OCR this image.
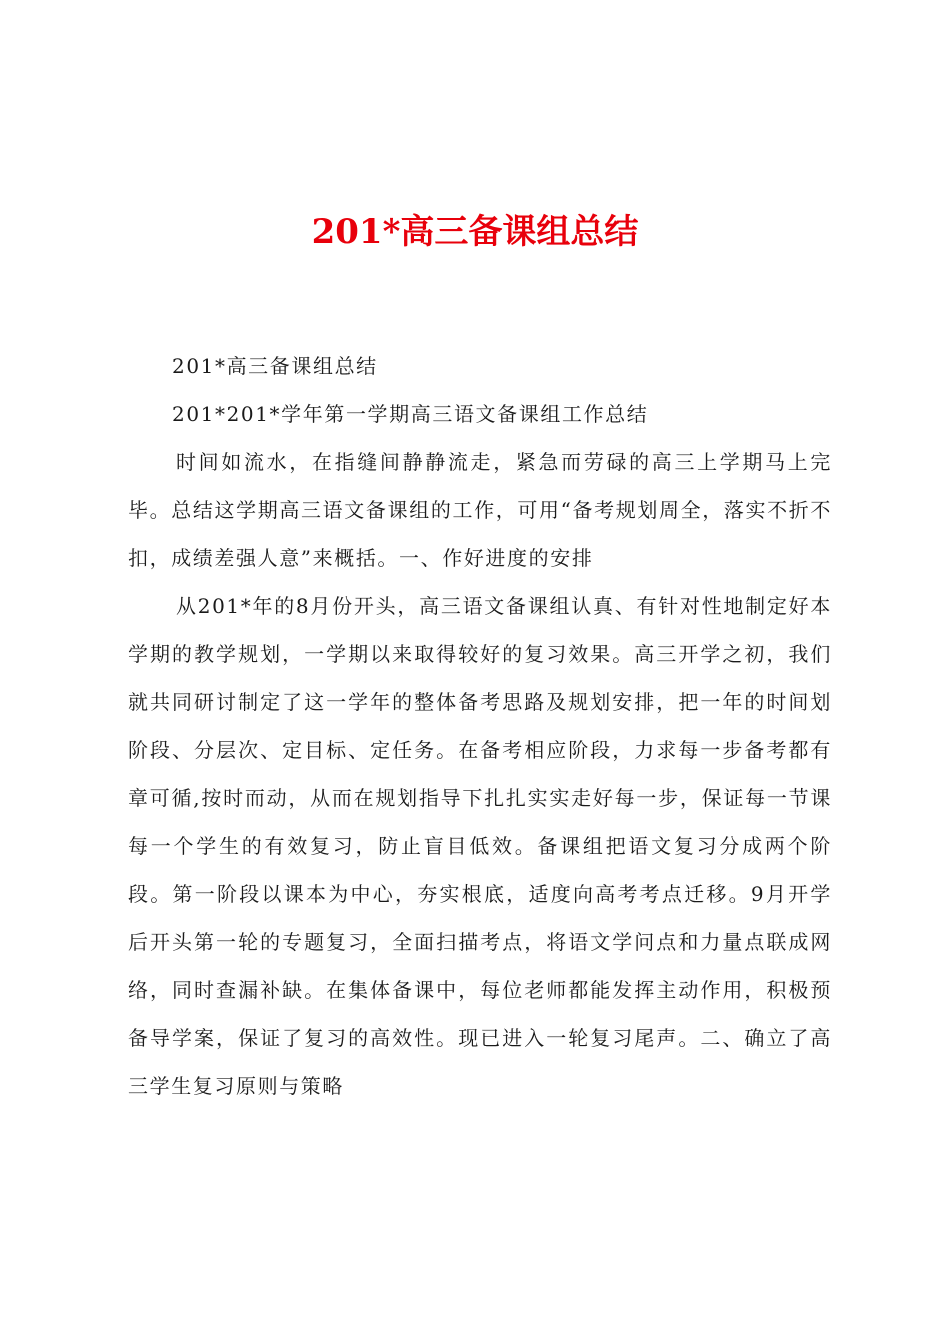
201*高三备课组总结

201*高三备课组总结

201*201*学年第一学期高三语文备课组工作总结

时间如流水，在指缝间静静流走，紧急而劳碌的高三上学期马上完毕。总结这学期高三语文备课组的工作，可用“备考规划周全，落实不折不扣，成绩差强人意”来概括。一、作好进度的安排

从201*年的8月份开头，高三语文备课组认真、有针对性地制定好本学期的教学规划，一学期以来取得较好的复习效果。高三开学之初，我们就共同研讨制定了这一学年的整体备考思路及规划安排，把一年的时间划阶段、分层次、定目标、定任务。在备考相应阶段，力求每一步备考都有章可循,按时而动，从而在规划指导下扎扎实实走好每一步，保证每一节课每一个学生的有效复习，防止盲目低效。备课组把语文复习分成两个阶段。第一阶段以课本为中心，夯实根底，适度向高考考点迁移。9月开学后开头第一轮的专题复习，全面扫描考点，将语文学问点和力量点联成网络，同时查漏补缺。在集体备课中，每位老师都能发挥主动作用，积极预备导学案，保证了复习的高效性。现已进入一轮复习尾声。二、确立了高三学生复习原则与策略
